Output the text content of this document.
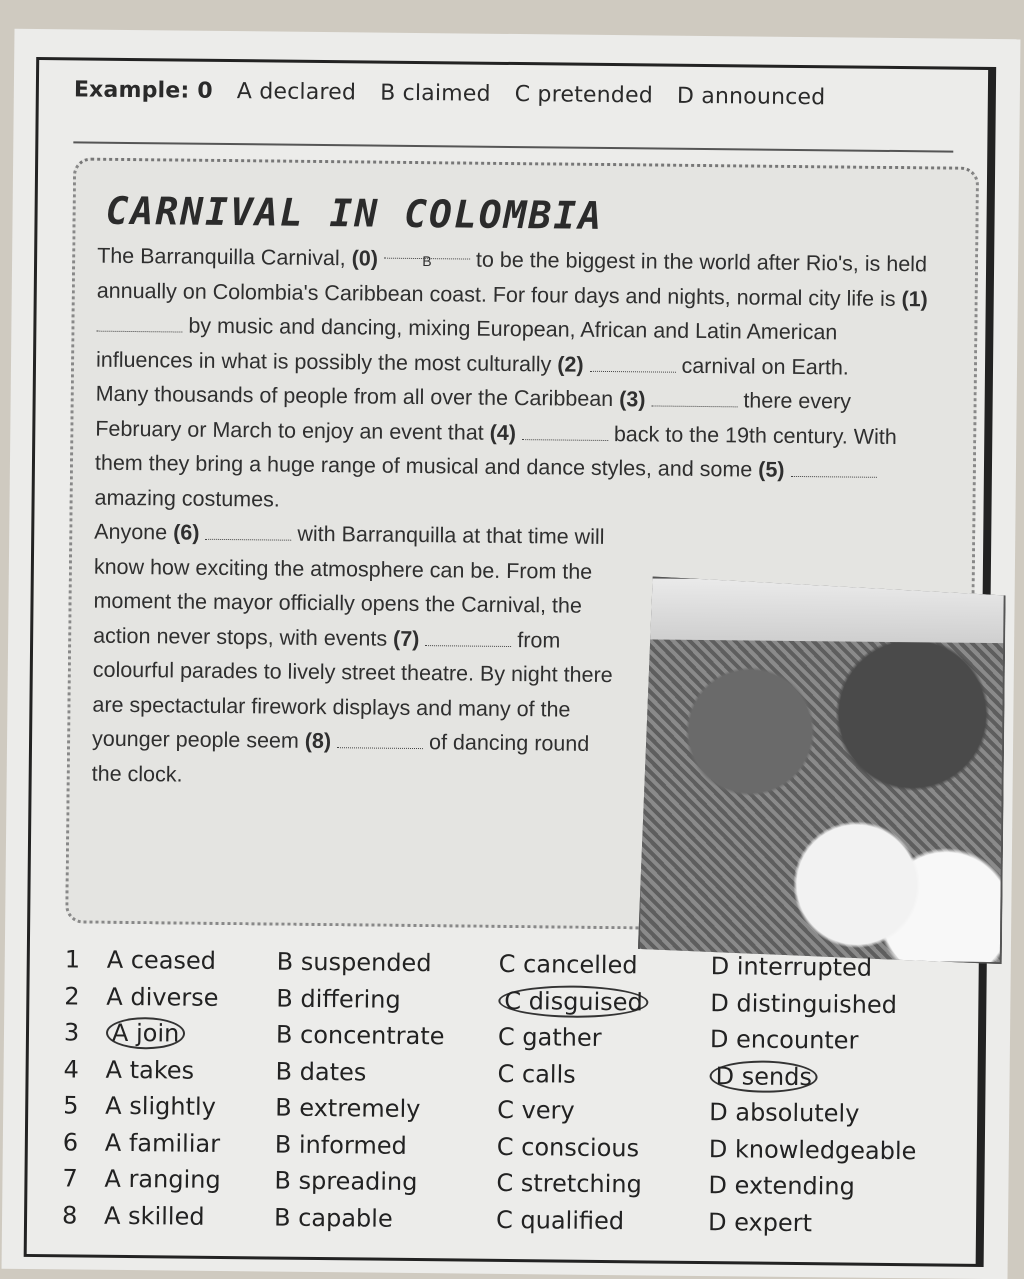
Example: 0 A declared B claimed C pretended D announced
CARNIVAL IN COLOMBIA
The Barranquilla Carnival, (0)	B to be the biggest in the world after Rio's, is held annually on Colombia's Caribbean coast. For four days and nights, normal city life is (1)  by music and dancing, mixing European, African and Latin American influences in what is possibly the most culturally (2)	carnival on Earth.
Many thousands of people from all over the Caribbean (3)	there every February or March to enjoy an event that (4)	back to the 19th century. With them they bring a huge range of musical and dance styles, and some (5)  amazing costumes.
Anyone (6)	with Barranquilla at that time will know how exciting the atmosphere can be. From the moment the mayor officially opens the Carnival, the action never stops, with events (7)	from colourful parades to lively street theatre. By night there are spectactular firework displays and many of the younger people seem (8)	of dancing round the clock.
1	A ceased	B suspended	C cancelled	D interrupted
2	A diverse	B differing	C disguised	D distinguished
3	A join	B concentrate	C gather	D encounter
4	A takes	B dates	C calls	D sends
5	A slightly	B extremely	C very	D absolutely
6	A familiar	B informed	C conscious	D knowledgeable
7	A ranging	B spreading	C stretching	D extending
8	A skilled	B capable	C qualified	D expert
